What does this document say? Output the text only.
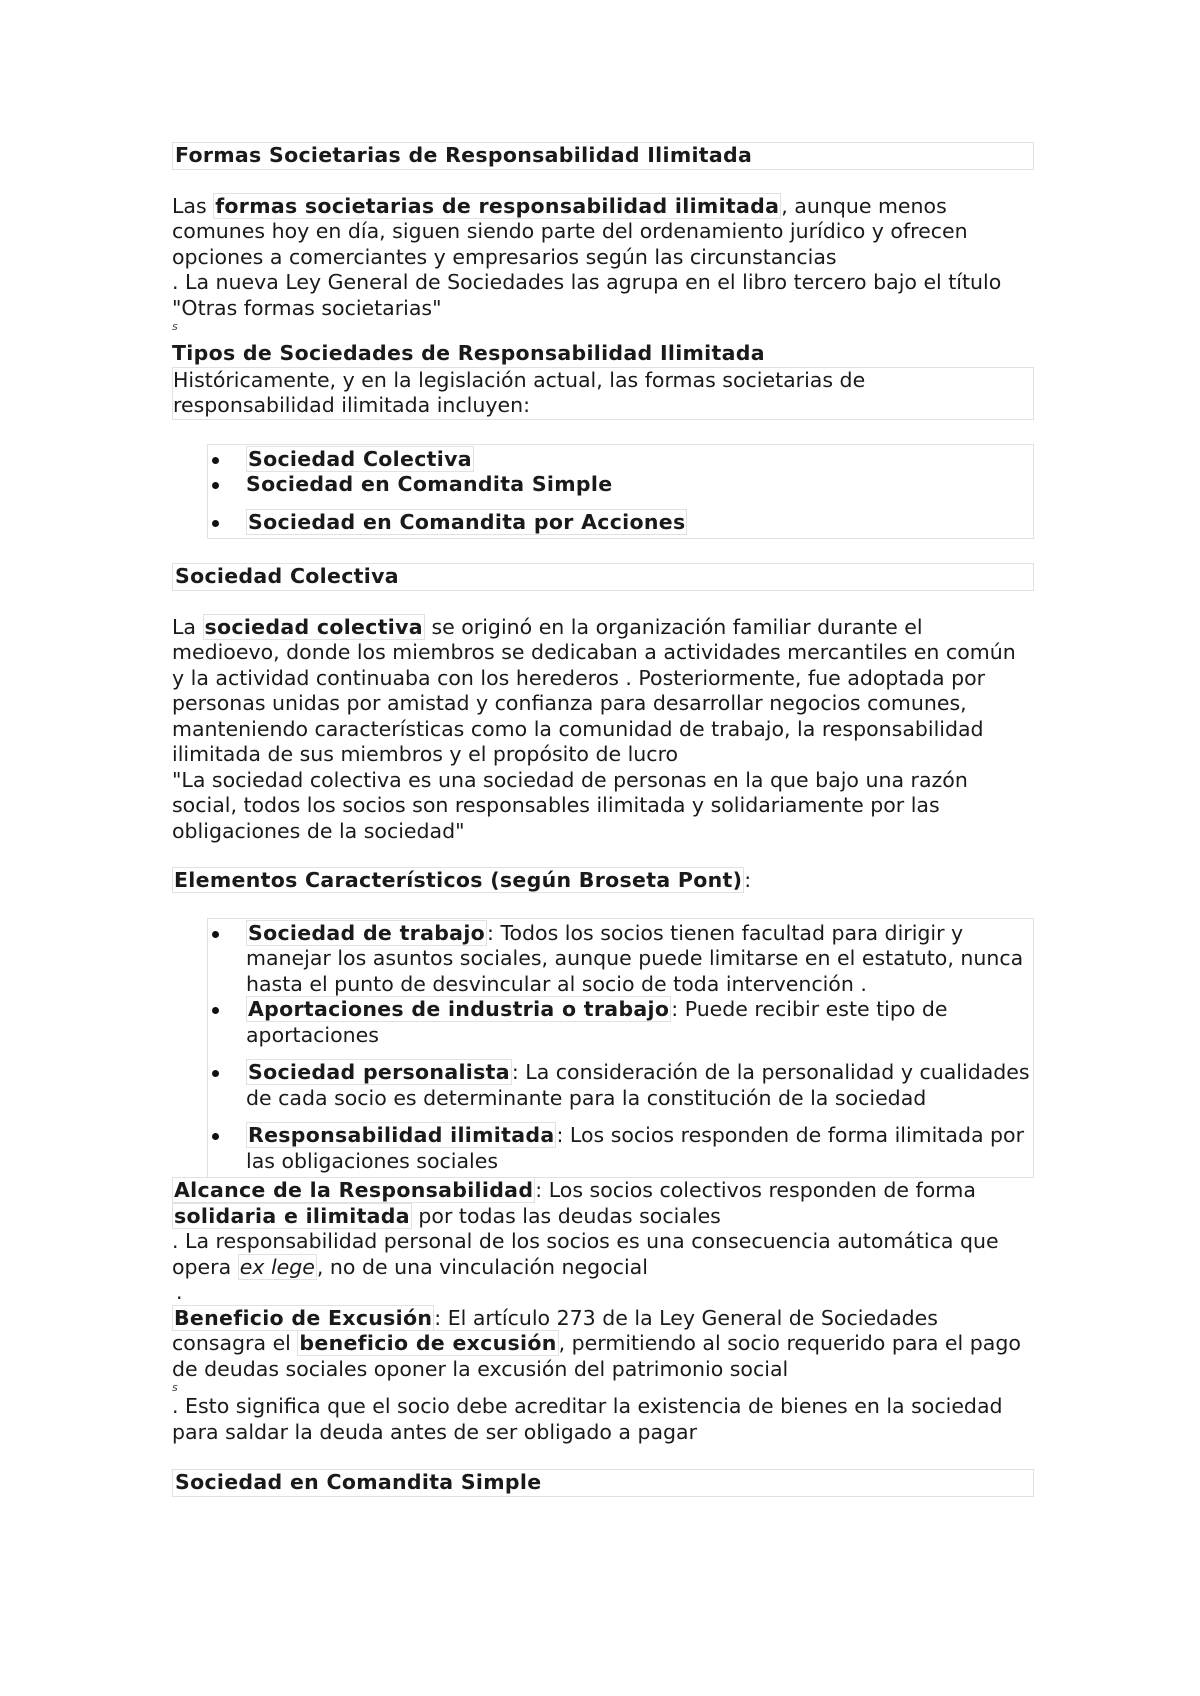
Formas Societarias de Responsabilidad Ilimitada

Las formas societarias de responsabilidad ilimitada, aunque menos comunes hoy en día, siguen siendo parte del ordenamiento jurídico y ofrecen opciones a comerciantes y empresarios según las circunstancias

. La nueva Ley General de Sociedades las agrupa en el libro tercero bajo el título "Otras formas societarias"

s
Tipos de Sociedades de Responsabilidad Ilimitada
Históricamente, y en la legislación actual, las formas societarias de responsabilidad ilimitada incluyen:
Sociedad Colectiva
Sociedad en Comandita Simple
Sociedad en Comandita por Acciones
Sociedad Colectiva

La sociedad colectiva se originó en la organización familiar durante el medioevo, donde los miembros se dedicaban a actividades mercantiles en común y la actividad continuaba con los herederos . Posteriormente, fue adoptada por personas unidas por amistad y confianza para desarrollar negocios comunes, manteniendo características como la comunidad de trabajo, la responsabilidad ilimitada de sus miembros y el propósito de lucro

"La sociedad colectiva es una sociedad de personas en la que bajo una razón social, todos los socios son responsables ilimitada y solidariamente por las obligaciones de la sociedad"

Elementos Característicos (según Broseta Pont):

Sociedad de trabajo: Todos los socios tienen facultad para dirigir y manejar los asuntos sociales, aunque puede limitarse en el estatuto, nunca hasta el punto de desvincular al socio de toda intervención .
Aportaciones de industria o trabajo: Puede recibir este tipo de aportaciones
Sociedad personalista: La consideración de la personalidad y cualidades de cada socio es determinante para la constitución de la sociedad
Responsabilidad ilimitada: Los socios responden de forma ilimitada por las obligaciones sociales

Alcance de la Responsabilidad: Los socios colectivos responden de forma solidaria e ilimitada por todas las deudas sociales

. La responsabilidad personal de los socios es una consecuencia automática que opera ex lege, no de una vinculación negocial

.

Beneficio de Excusión: El artículo 273 de la Ley General de Sociedades consagra el beneficio de excusión, permitiendo al socio requerido para el pago de deudas sociales oponer la excusión del patrimonio social

s

. Esto significa que el socio debe acreditar la existencia de bienes en la sociedad para saldar la deuda antes de ser obligado a pagar

Sociedad en Comandita Simple
